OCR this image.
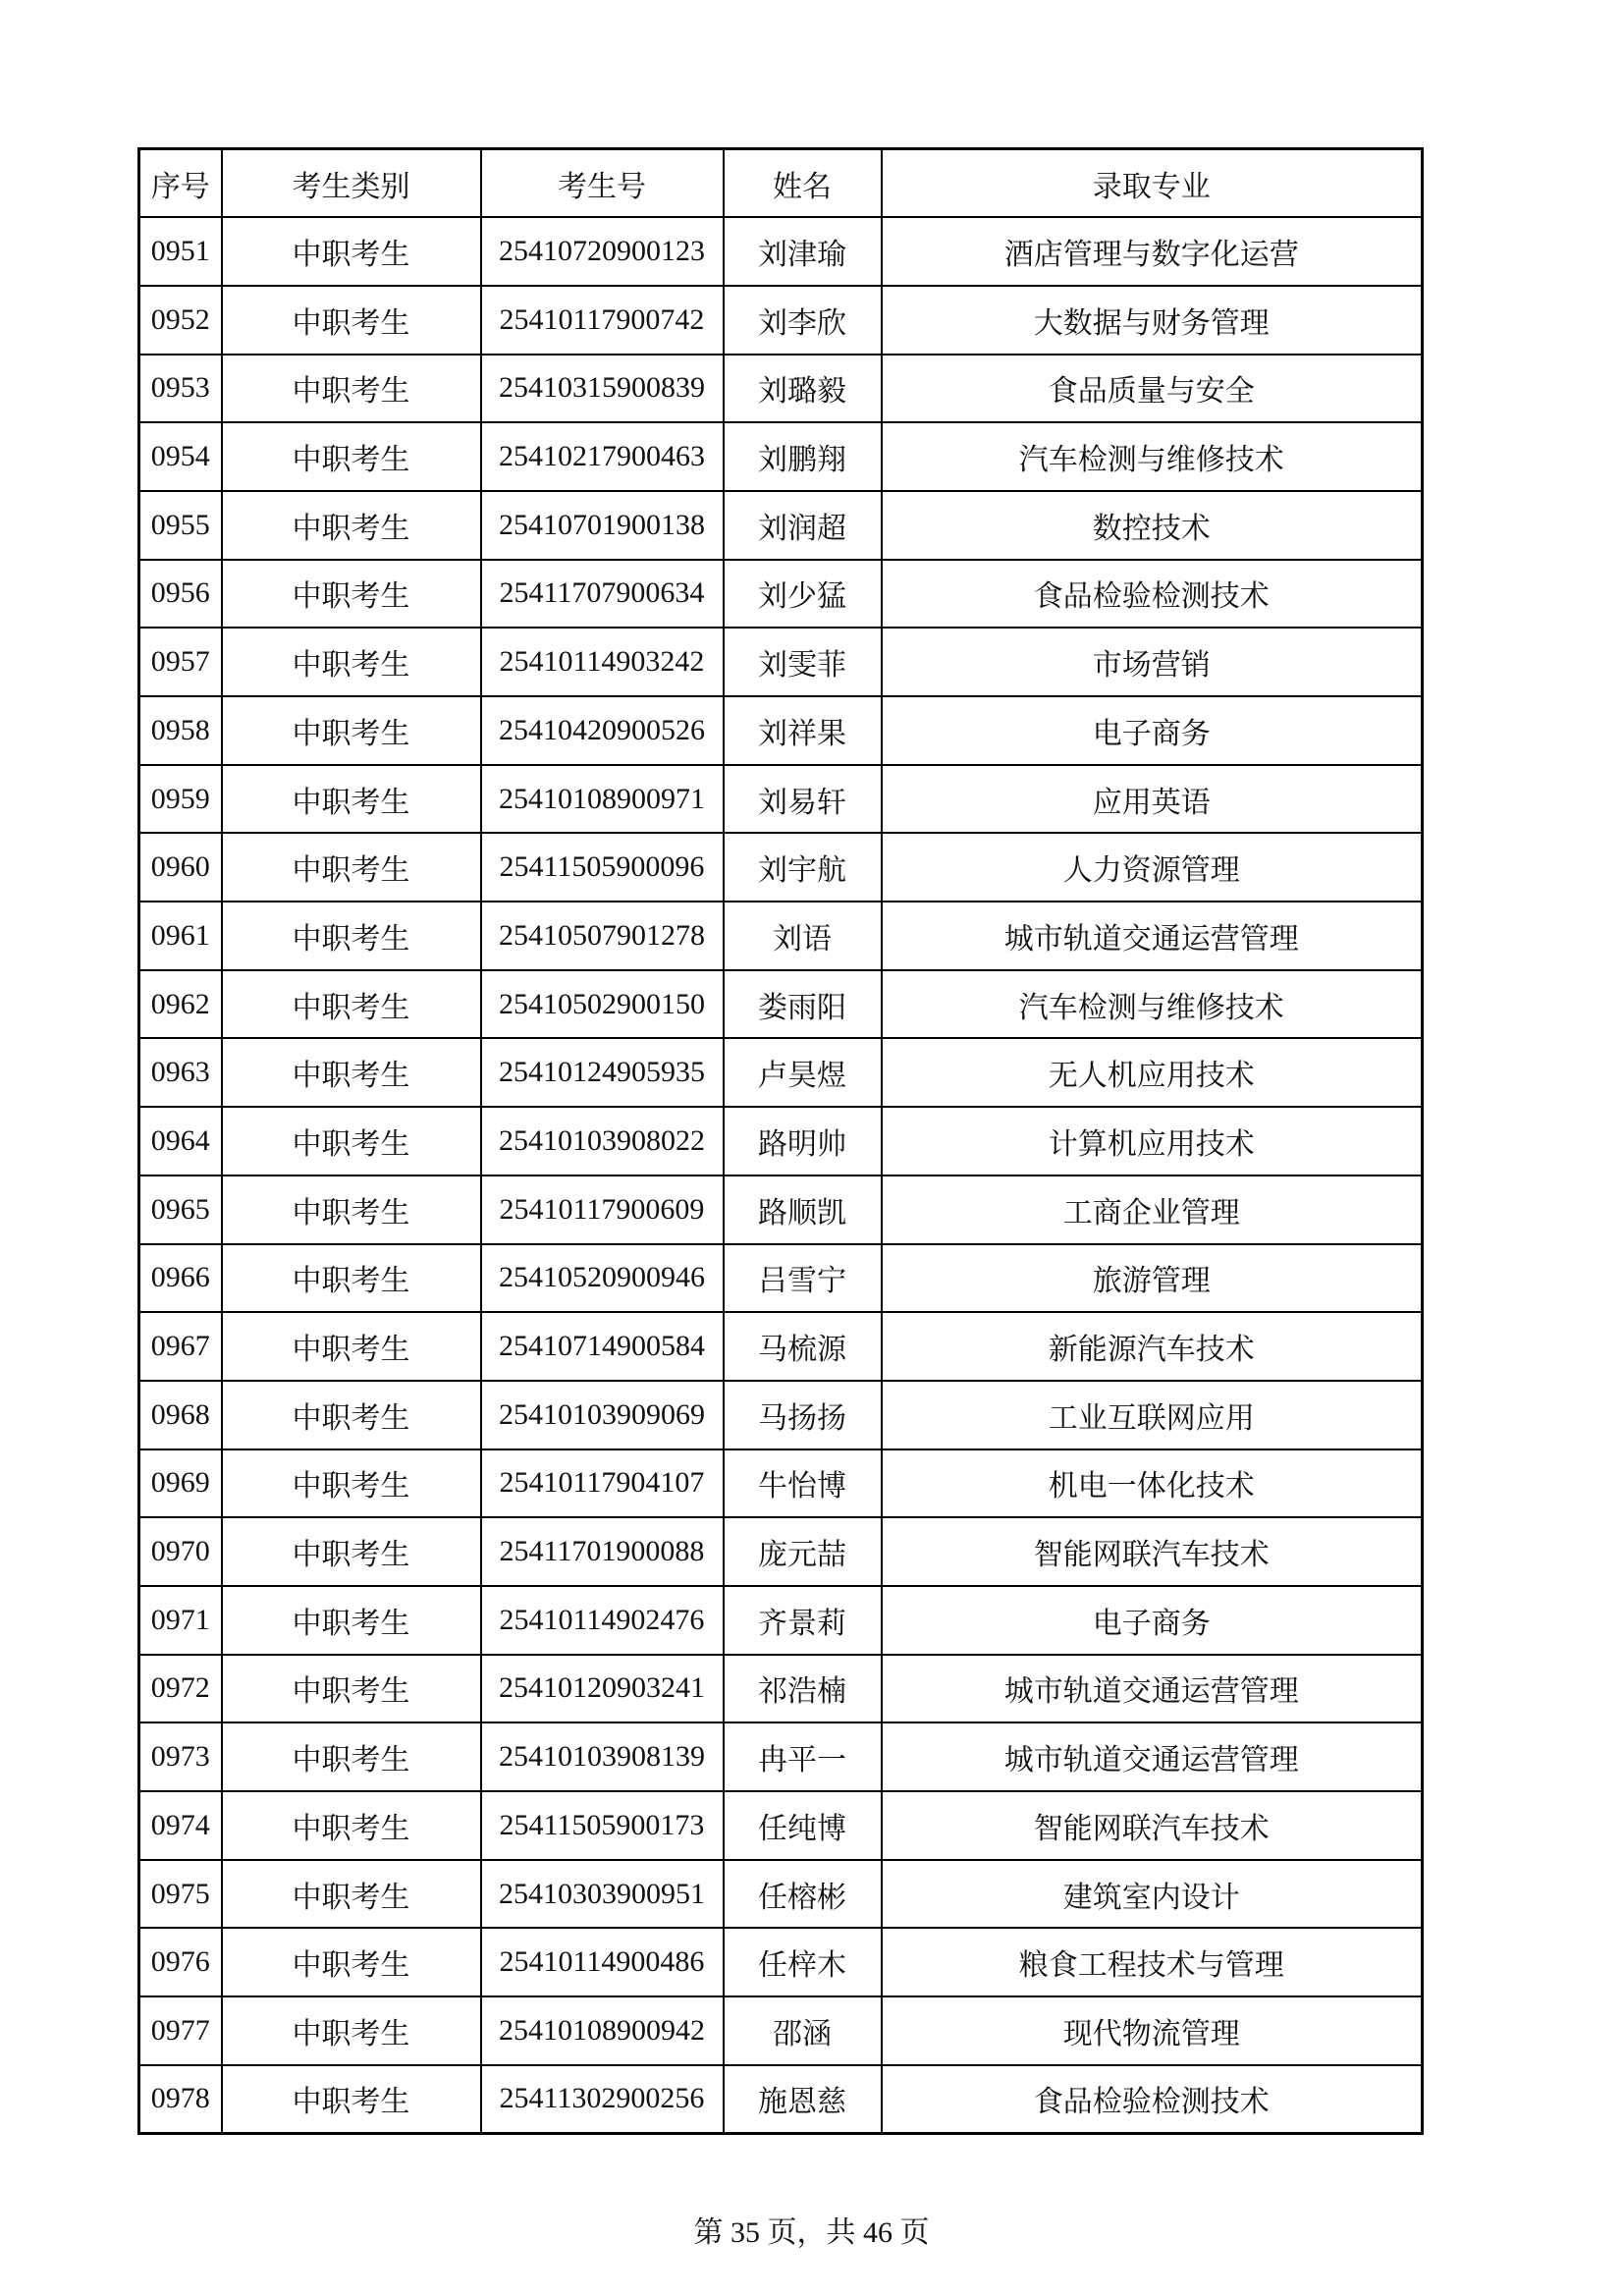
序号	考生类别	考生号	姓名	录取专业
0951	中职考生	25410720900123	刘津瑜	酒店管理与数字化运营
0952	中职考生	25410117900742	刘李欣	大数据与财务管理
0953	中职考生	25410315900839	刘璐毅	食品质量与安全
0954	中职考生	25410217900463	刘鹏翔	汽车检测与维修技术
0955	中职考生	25410701900138	刘润超	数控技术
0956	中职考生	25411707900634	刘少猛	食品检验检测技术
0957	中职考生	25410114903242	刘雯菲	市场营销
0958	中职考生	25410420900526	刘祥果	电子商务
0959	中职考生	25410108900971	刘易轩	应用英语
0960	中职考生	25411505900096	刘宇航	人力资源管理
0961	中职考生	25410507901278	刘语	城市轨道交通运营管理
0962	中职考生	25410502900150	娄雨阳	汽车检测与维修技术
0963	中职考生	25410124905935	卢昊煜	无人机应用技术
0964	中职考生	25410103908022	路明帅	计算机应用技术
0965	中职考生	25410117900609	路顺凯	工商企业管理
0966	中职考生	25410520900946	吕雪宁	旅游管理
0967	中职考生	25410714900584	马梳源	新能源汽车技术
0968	中职考生	25410103909069	马扬扬	工业互联网应用
0969	中职考生	25410117904107	牛怡博	机电一体化技术
0970	中职考生	25411701900088	庞元喆	智能网联汽车技术
0971	中职考生	25410114902476	齐景莉	电子商务
0972	中职考生	25410120903241	祁浩楠	城市轨道交通运营管理
0973	中职考生	25410103908139	冉平一	城市轨道交通运营管理
0974	中职考生	25411505900173	任纯博	智能网联汽车技术
0975	中职考生	25410303900951	任榕彬	建筑室内设计
0976	中职考生	25410114900486	任梓木	粮食工程技术与管理
0977	中职考生	25410108900942	邵涵	现代物流管理
0978	中职考生	25411302900256	施恩慈	食品检验检测技术
第 35 页，共 46 页
